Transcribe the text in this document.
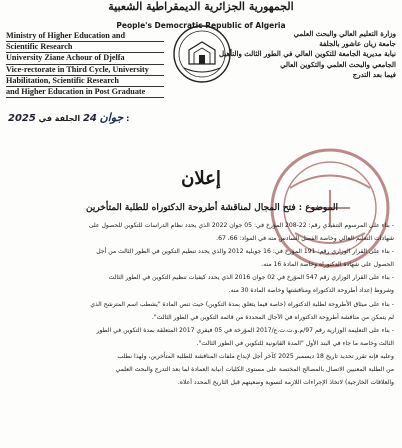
الجمهورية الجزائرية الديمقراطية الشعبية
People's Democratic Republic of Algeria
Ministry of Higher Education and
Scientific Research
University Ziane Achour of Djelfa
Vice-rectorate in Third Cycle, University
Habilitation, Scientific Research
and Higher Education in Post Graduate
وزارة التعليم العالي والبحث العلمي
جامعة زيان عاشور بالجلفة
نيابة مديرية الجامعة للتكوين العالي في الطور الثالث والتأهيل
الجامعي والبحث العلمي والتكوين العالي
فيما بعد التدرج
2025	جوان 24 الجلفة في :
إعلان
الموضوع : فتح المجال لمناقشة أطروحة الدكتوراه للطلبة المتأخرين
- بناء على المرسوم التنفيذي رقم: 22-208 المؤرخ في: 05 جوان 2022 الذي يحدد نظام الدراسات للتكوين للحصول على
شهادات التعليم العالي وخاصة الفصل السادس منه في المواد: 66، 67.
- بناء على القرار الوزاري رقم: 191 المؤرخ في: 16 جويلية 2012 والذي يحدد تنظيم التكوين في الطور الثالث من أجل
الحصول على شهادة الدكتوراه وخاصة المادة 16 منه.
- بناء على القرار الوزاري رقم 547 المؤرخ في 02 جوان 2016 الذي يحدد كيفيات تنظيم التكوين في الطور الثالث
وشروط إعداد أطروحة الدكتوراه ومناقشتها وخاصة المادة 30 منه.
- بناء على ميثاق الأطروحة لطلبة الدكتوراه (خاصة فيما يتعلق بمدة التكوين) حيث تنص المادة "يشطب اسم المترشح الذي
لم يتمكن من مناقشة أطروحة الدكتوراه في الآجال المحددة من قائمة التكوين في الطور الثالث".
- بناء على التعليمة الوزارية رقم 97/م.و.ت.ت.ع/2017 المؤرخة في 05 فيفري 2017 المتعلقة بمدة التكوين في الطور
الثالث وخاصة ما جاء في البند الأول "المدة القانونية للتكوين في الطور الثالث".
وعليه فإنه تقرر تحديد تاريخ 18 ديسمبر 2025 كآخر أجل لإيداع ملفات المناقشة للطلبة المتأخرين، ولهذا نطلب
من الطلبة المعنيين الاتصال بالمصالح المختصة على مستوى الكليات (نيابة العمادة لما بعد التدرج والبحث العلمي
والعلاقات الخارجية) لاتخاذ الإجراءات اللازمة لتسوية وضعيتهم قبل التاريخ المحدد أعلاه.
